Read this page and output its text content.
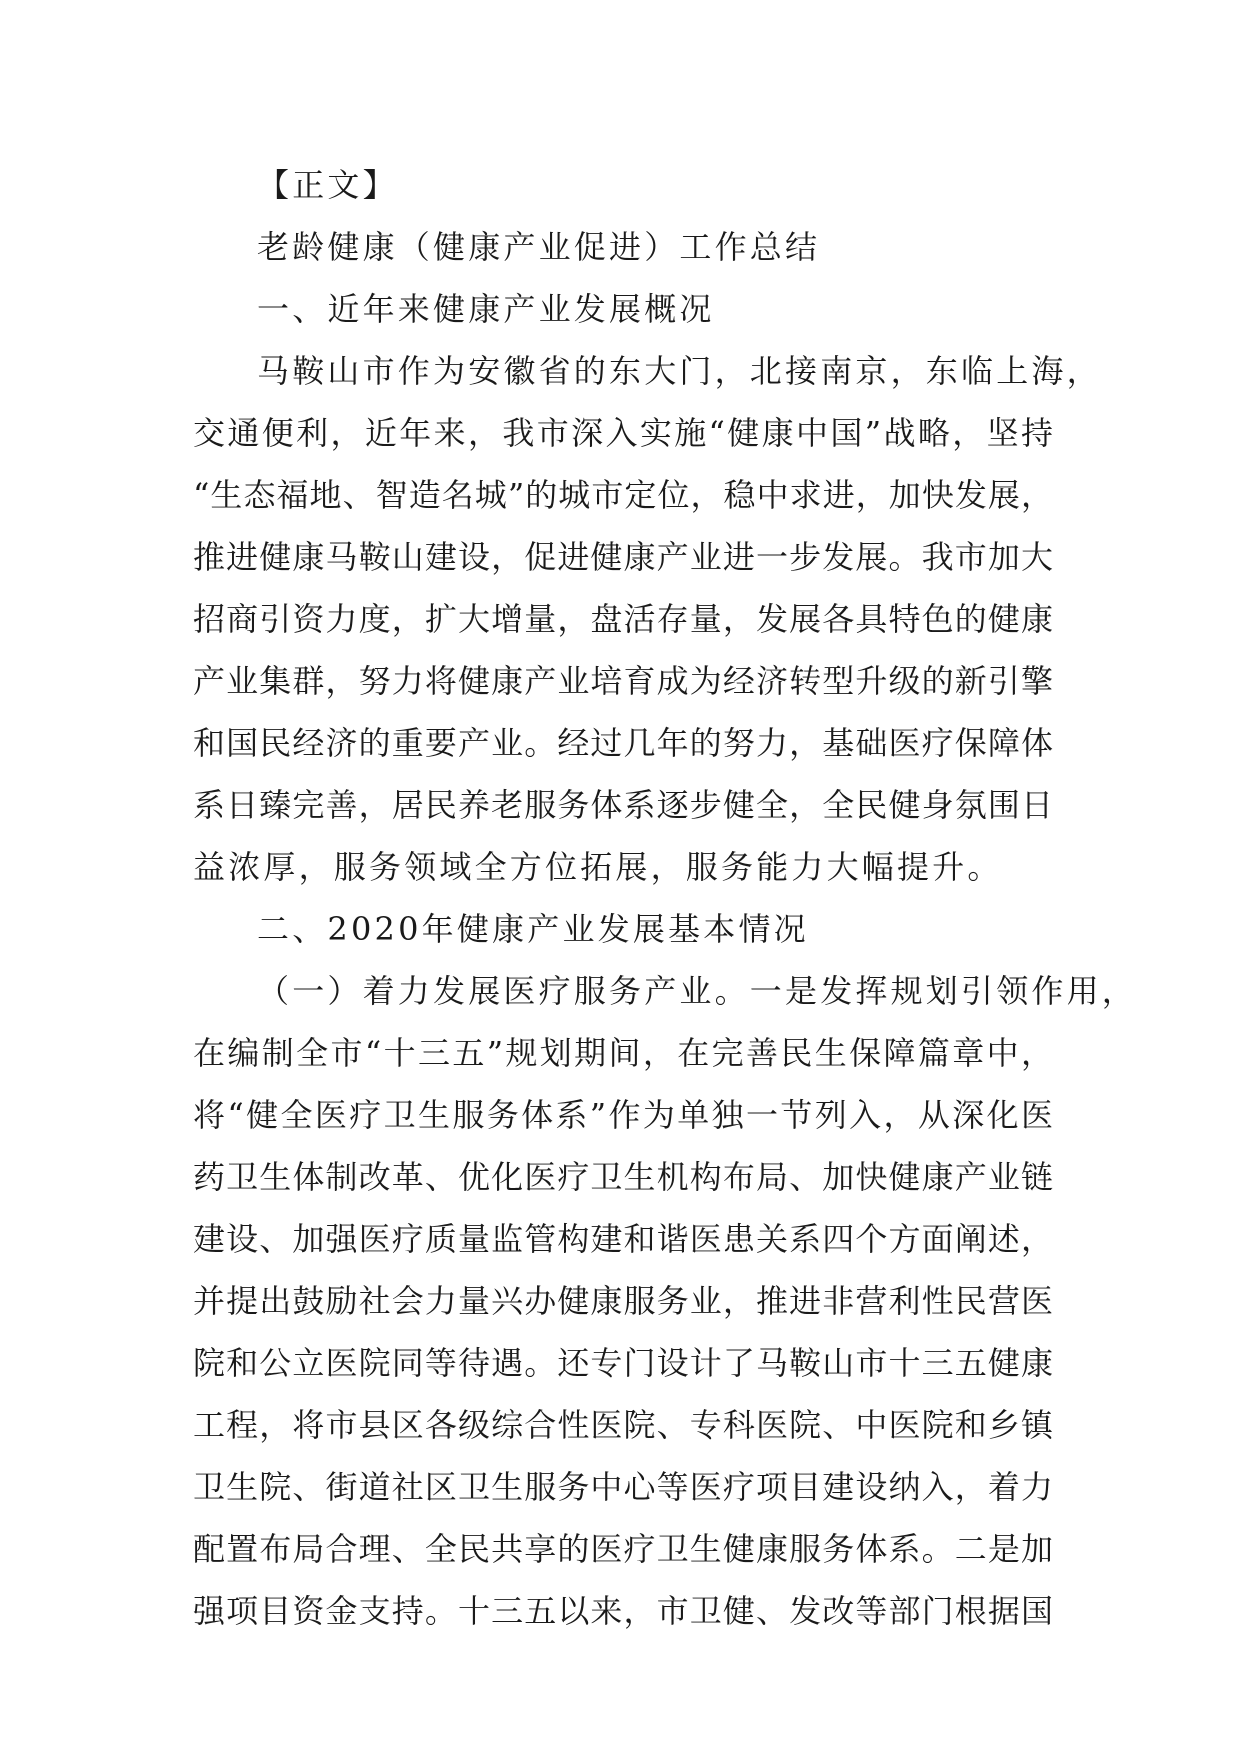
【正文】
老龄健康（健康产业促进）工作总结
一、近年来健康产业发展概况
马鞍山市作为安徽省的东大门，北接南京，东临上海，
交通便利，近年来，我市深入实施“健康中国”战略，坚持
“生态福地、智造名城”的城市定位，稳中求进，加快发展，
推进健康马鞍山建设，促进健康产业进一步发展。我市加大
招商引资力度，扩大增量，盘活存量，发展各具特色的健康
产业集群，努力将健康产业培育成为经济转型升级的新引擎
和国民经济的重要产业。经过几年的努力，基础医疗保障体
系日臻完善，居民养老服务体系逐步健全，全民健身氛围日
益浓厚，服务领域全方位拓展，服务能力大幅提升。
二、2020年健康产业发展基本情况
（一）着力发展医疗服务产业。一是发挥规划引领作用，
在编制全市“十三五”规划期间，在完善民生保障篇章中，
将“健全医疗卫生服务体系”作为单独一节列入，从深化医
药卫生体制改革、优化医疗卫生机构布局、加快健康产业链
建设、加强医疗质量监管构建和谐医患关系四个方面阐述，
并提出鼓励社会力量兴办健康服务业，推进非营利性民营医
院和公立医院同等待遇。还专门设计了马鞍山市十三五健康
工程，将市县区各级综合性医院、专科医院、中医院和乡镇
卫生院、街道社区卫生服务中心等医疗项目建设纳入，着力
配置布局合理、全民共享的医疗卫生健康服务体系。二是加
强项目资金支持。十三五以来，市卫健、发改等部门根据国
